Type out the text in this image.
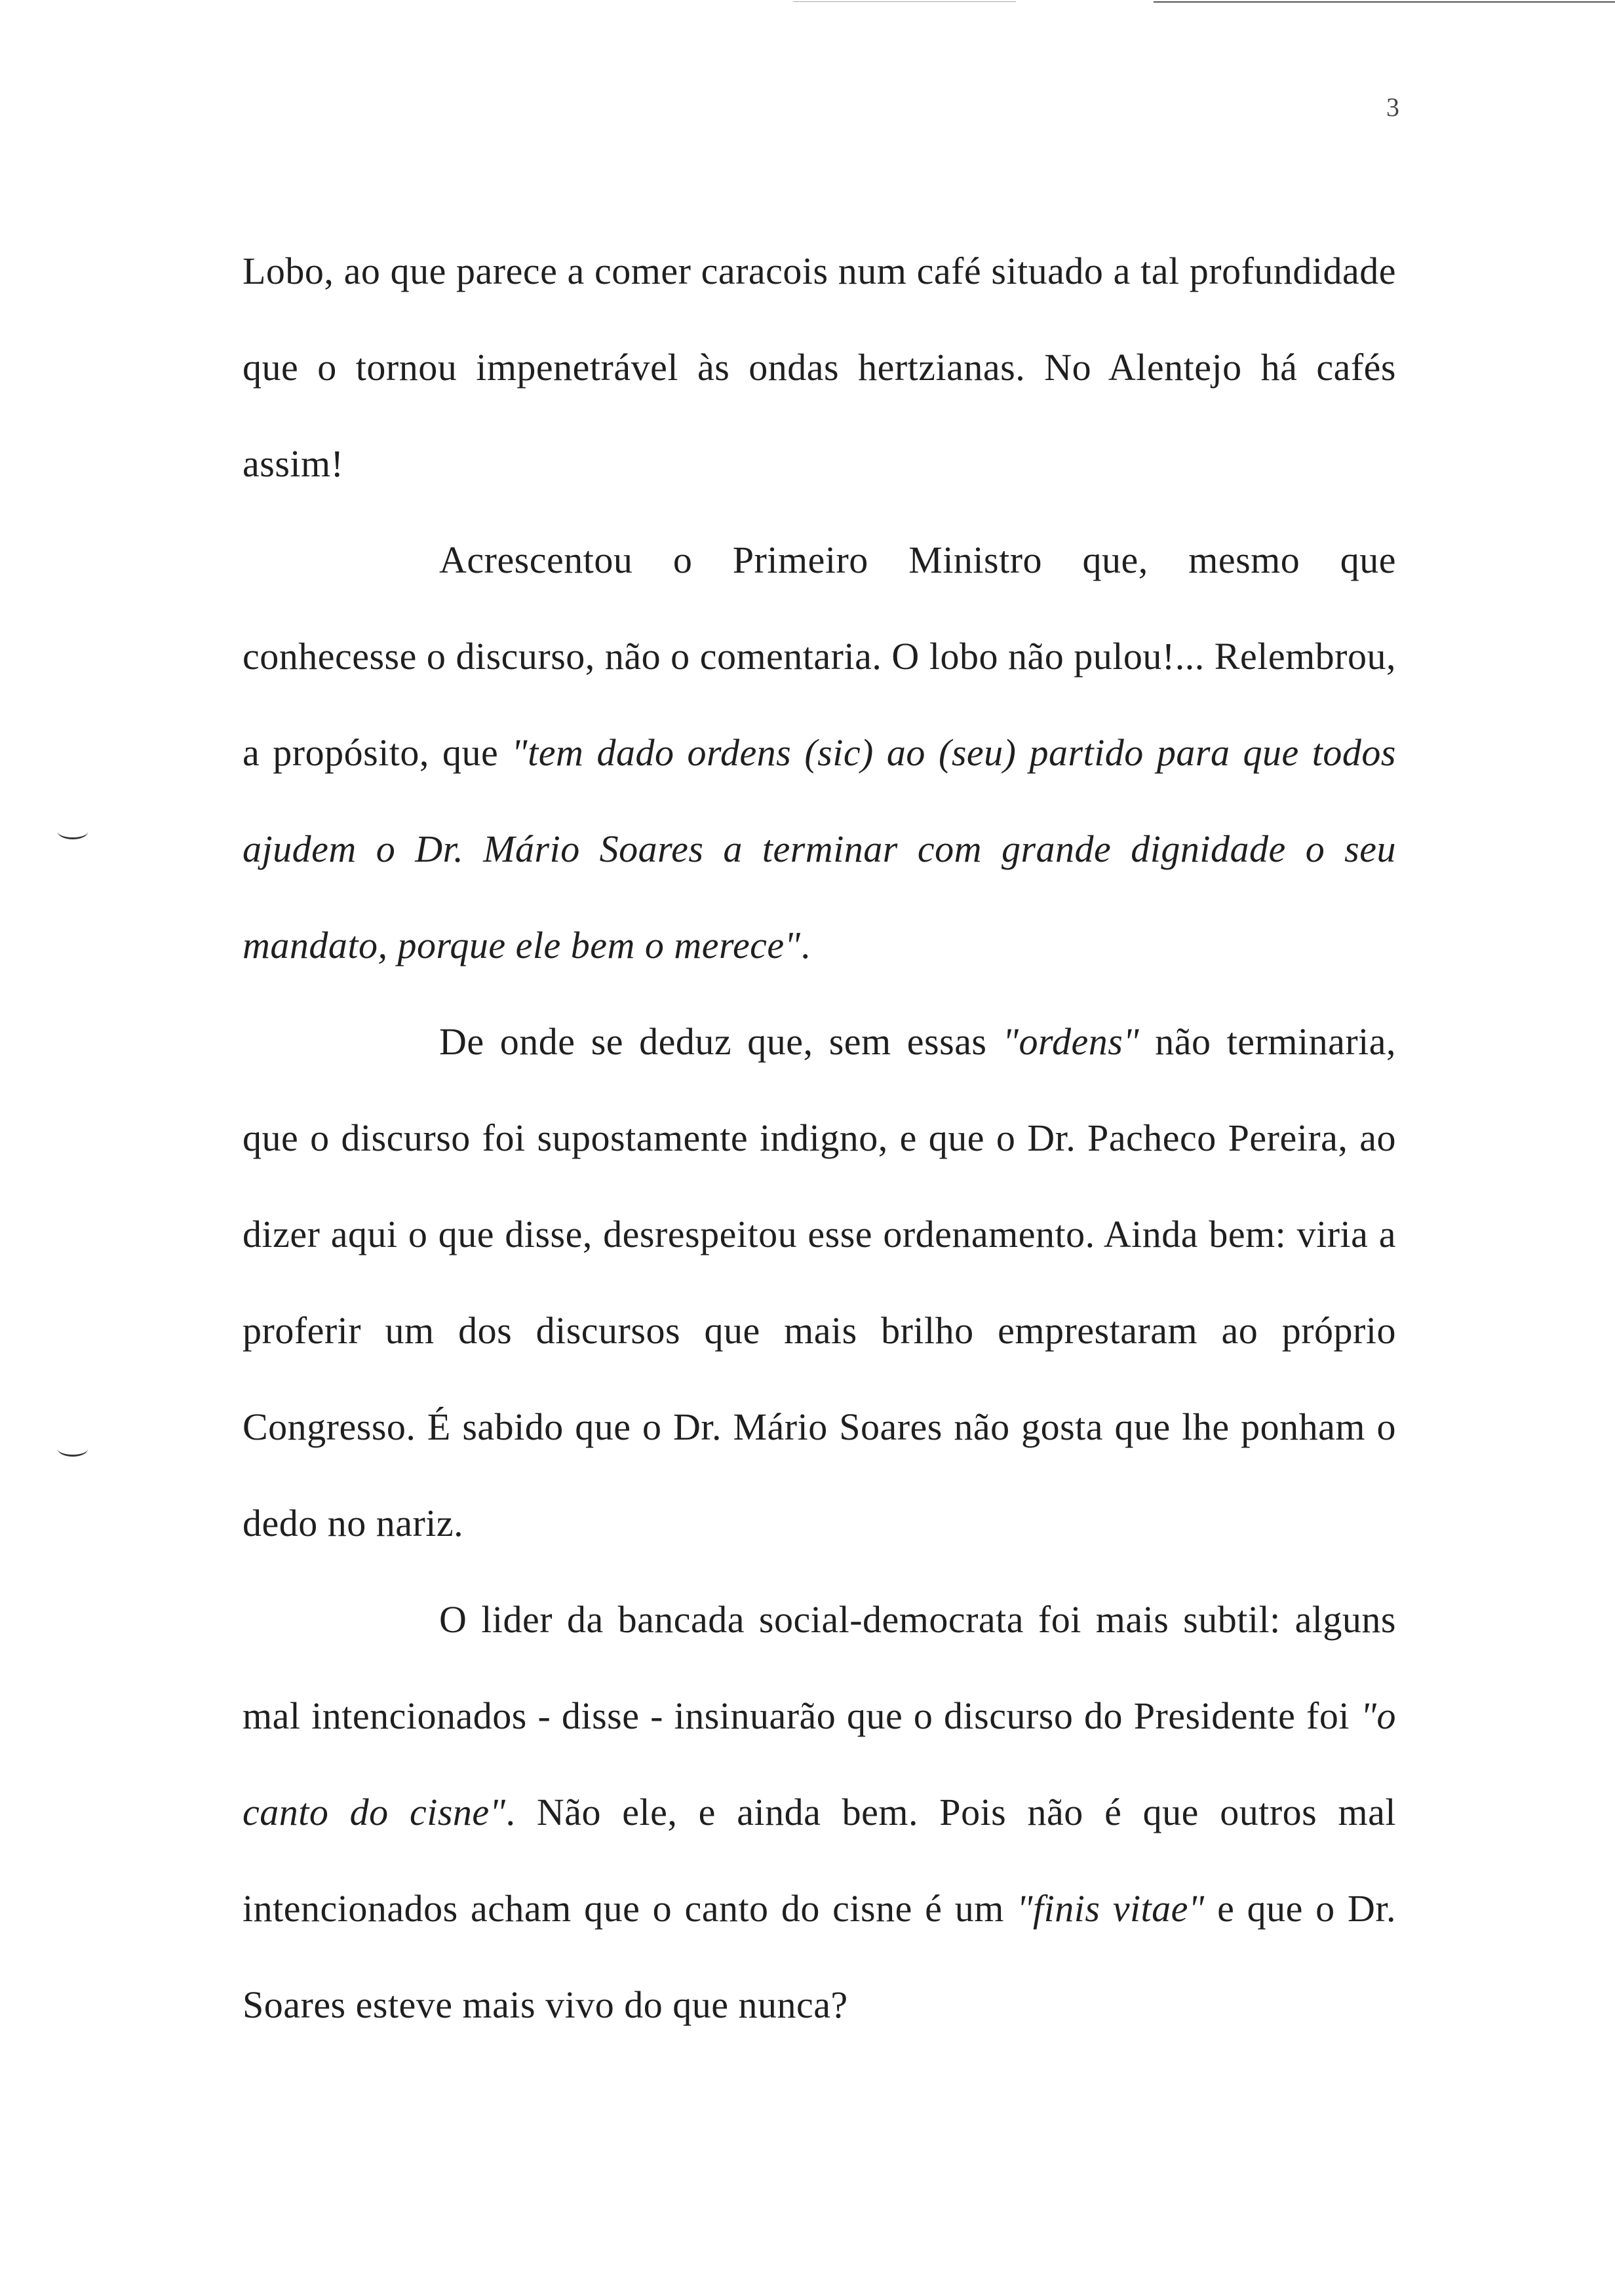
3

Lobo, ao que parece a comer caracois num café situado a tal profundidade que o tornou impenetrável às ondas hertzianas. No Alentejo há cafés assim!

Acrescentou o Primeiro Ministro que, mesmo que conhecesse o discurso, não o comentaria. O lobo não pulou!... Relembrou, a propósito, que "tem dado ordens (sic) ao (seu) partido para que todos ajudem o Dr. Mário Soares a terminar com grande dignidade o seu mandato, porque ele bem o merece".

De onde se deduz que, sem essas "ordens" não terminaria, que o discurso foi supostamente indigno, e que o Dr. Pacheco Pereira, ao dizer aqui o que disse, desrespeitou esse ordenamento. Ainda bem: viria a proferir um dos discursos que mais brilho emprestaram ao próprio Congresso. É sabido que o Dr. Mário Soares não gosta que lhe ponham o dedo no nariz.

O lider da bancada social-democrata foi mais subtil: alguns mal intencionados - disse - insinuarão que o discurso do Presidente foi "o canto do cisne". Não ele, e ainda bem. Pois não é que outros mal intencionados acham que o canto do cisne é um "finis vitae" e que o Dr. Soares esteve mais vivo do que nunca?
